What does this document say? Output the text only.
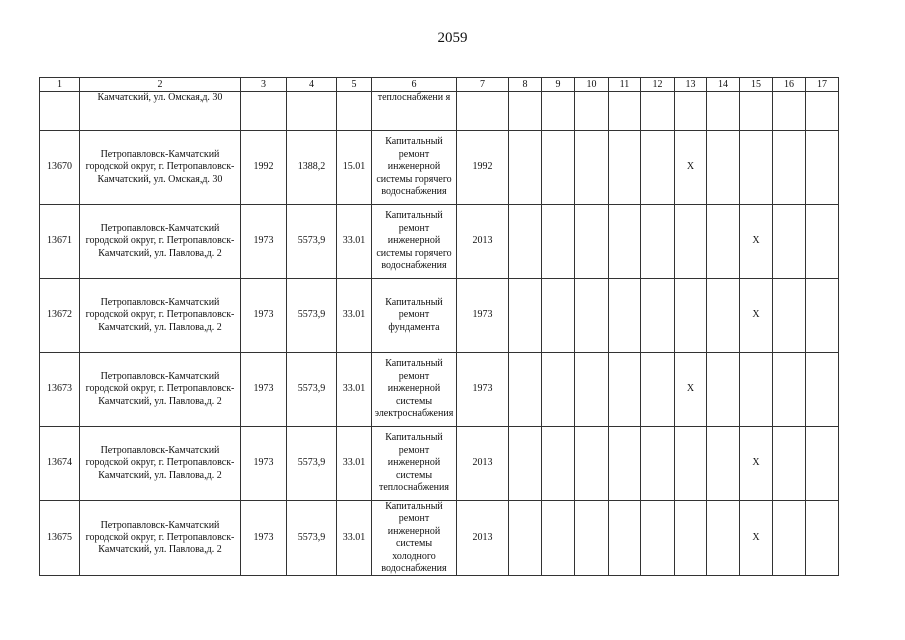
2059
1	2	3	4	5	6	7	8	9	10	11	12	13	14	15	16	17
	Камчатский, ул. Омская,д. 30				теплоснабжени я											
13670	Петропавловск-Камчатский городской округ, г. Петропавловск-Камчатский, ул. Омская,д. 30	1992	1388,2	15.01	Капитальный ремонт инженерной системы горячего водоснабжения	1992						X				
13671	Петропавловск-Камчатский городской округ, г. Петропавловск-Камчатский, ул. Павлова,д. 2	1973	5573,9	33.01	Капитальный ремонт инженерной системы горячего водоснабжения	2013								X		
13672	Петропавловск-Камчатский городской округ, г. Петропавловск-Камчатский, ул. Павлова,д. 2	1973	5573,9	33.01	Капитальный ремонт фундамента	1973								X		
13673	Петропавловск-Камчатский городской округ, г. Петропавловск-Камчатский, ул. Павлова,д. 2	1973	5573,9	33.01	Капитальный ремонт инженерной системы электроснабжения	1973						X				
13674	Петропавловск-Камчатский городской округ, г. Петропавловск-Камчатский, ул. Павлова,д. 2	1973	5573,9	33.01	Капитальный ремонт инженерной системы теплоснабжения	2013								X		
13675	Петропавловск-Камчатский городской округ, г. Петропавловск-Камчатский, ул. Павлова,д. 2	1973	5573,9	33.01	Капитальный ремонт инженерной системы холодного водоснабжения	2013								X		
